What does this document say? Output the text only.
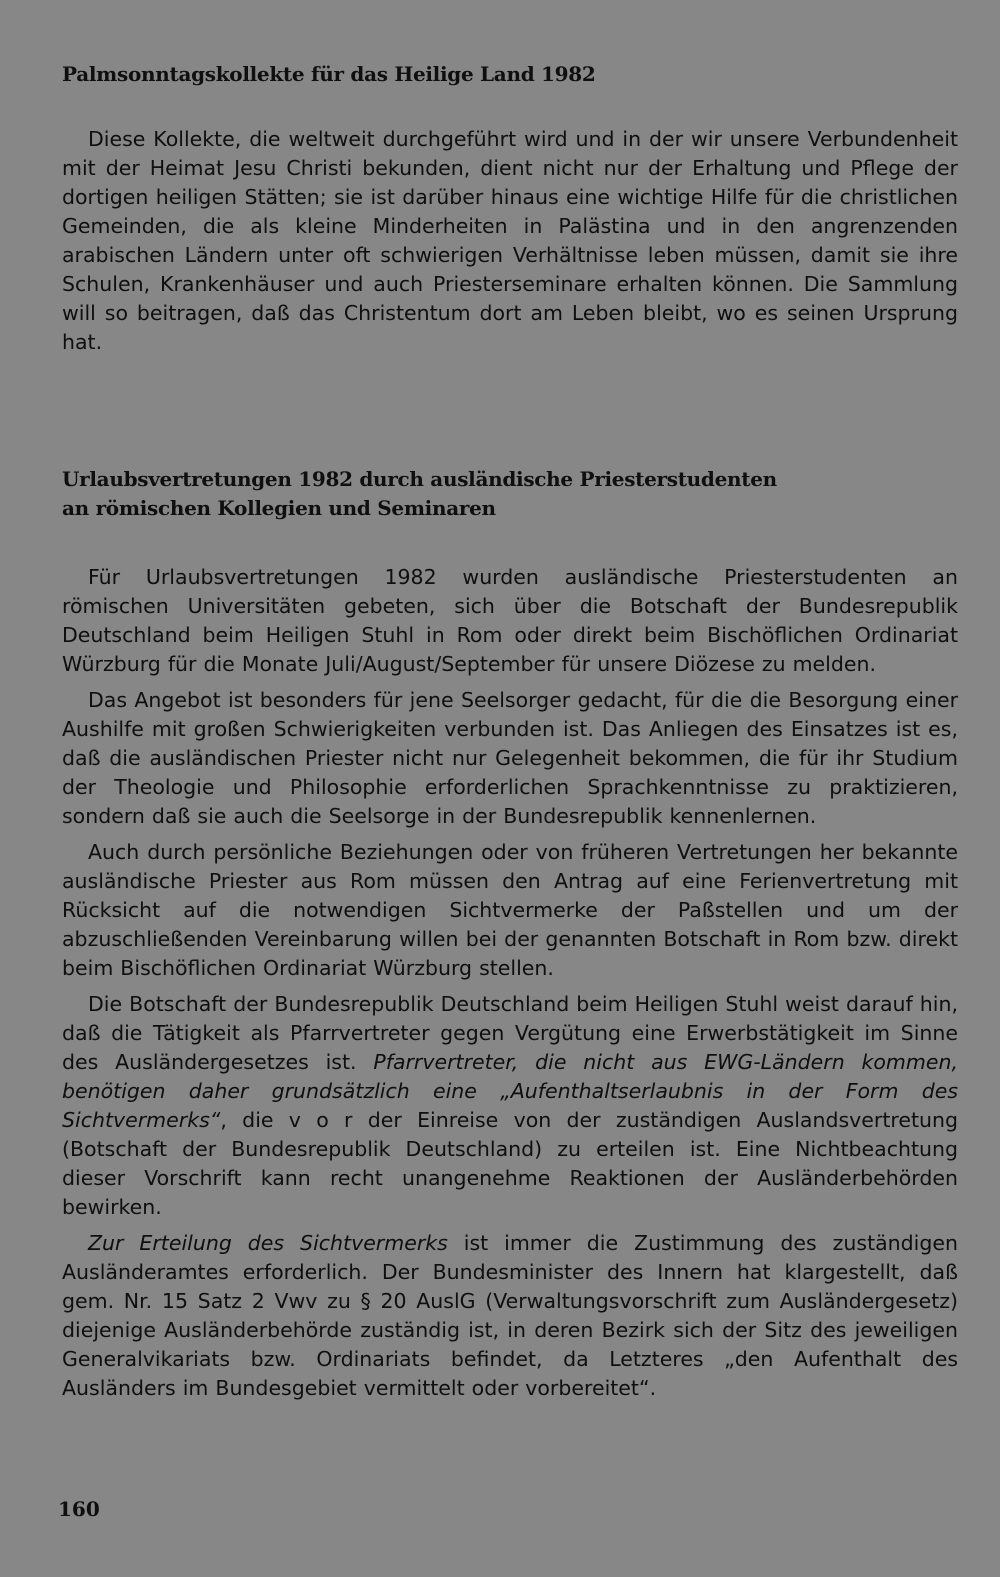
Palmsonntagskollekte für das Heilige Land 1982

Diese Kollekte, die weltweit durchgeführt wird und in der wir unsere Verbundenheit mit der Heimat Jesu Christi bekunden, dient nicht nur der Erhaltung und Pflege der dortigen heiligen Stätten; sie ist darüber hinaus eine wichtige Hilfe für die christlichen Gemeinden, die als kleine Minderheiten in Palästina und in den angrenzenden arabischen Ländern unter oft schwierigen Verhältnisse leben müssen, damit sie ihre Schulen, Krankenhäuser und auch Priesterseminare erhalten können. Die Sammlung will so beitragen, daß das Christentum dort am Leben bleibt, wo es seinen Ursprung hat.

Urlaubsvertretungen 1982 durch ausländische Priesterstudenten
an römischen Kollegien und Seminaren

Für Urlaubsvertretungen 1982 wurden ausländische Priesterstudenten an römischen Universitäten gebeten, sich über die Botschaft der Bundesrepublik Deutschland beim Heiligen Stuhl in Rom oder direkt beim Bischöflichen Ordinariat Würzburg für die Monate Juli/August/September für unsere Diözese zu melden.

Das Angebot ist besonders für jene Seelsorger gedacht, für die die Besorgung einer Aushilfe mit großen Schwierigkeiten verbunden ist. Das Anliegen des Einsatzes ist es, daß die ausländischen Priester nicht nur Gelegenheit bekommen, die für ihr Studium der Theologie und Philosophie erforderlichen Sprachkenntnisse zu praktizieren, sondern daß sie auch die Seelsorge in der Bundesrepublik kennenlernen.

Auch durch persönliche Beziehungen oder von früheren Vertretungen her bekannte ausländische Priester aus Rom müssen den Antrag auf eine Ferienvertretung mit Rücksicht auf die notwendigen Sichtvermerke der Paßstellen und um der abzuschließenden Vereinbarung willen bei der genannten Botschaft in Rom bzw. direkt beim Bischöflichen Ordinariat Würzburg stellen.

Die Botschaft der Bundesrepublik Deutschland beim Heiligen Stuhl weist darauf hin, daß die Tätigkeit als Pfarrvertreter gegen Vergütung eine Erwerbstätigkeit im Sinne des Ausländergesetzes ist. Pfarrvertreter, die nicht aus EWG-Ländern kommen, benötigen daher grundsätzlich eine „Aufenthaltserlaubnis in der Form des Sichtvermerks“, die v o r der Einreise von der zuständigen Auslandsvertretung (Botschaft der Bundesrepublik Deutschland) zu erteilen ist. Eine Nichtbeachtung dieser Vorschrift kann recht unangenehme Reaktionen der Ausländerbehörden bewirken.

Zur Erteilung des Sichtvermerks ist immer die Zustimmung des zuständigen Ausländeramtes erforderlich. Der Bundesminister des Innern hat klargestellt, daß gem. Nr. 15 Satz 2 Vwv zu § 20 AuslG (Verwaltungsvorschrift zum Ausländergesetz) diejenige Ausländerbehörde zuständig ist, in deren Bezirk sich der Sitz des jeweiligen Generalvikariats bzw. Ordinariats befindet, da Letzteres „den Aufenthalt des Ausländers im Bundesgebiet vermittelt oder vorbereitet“.

160
